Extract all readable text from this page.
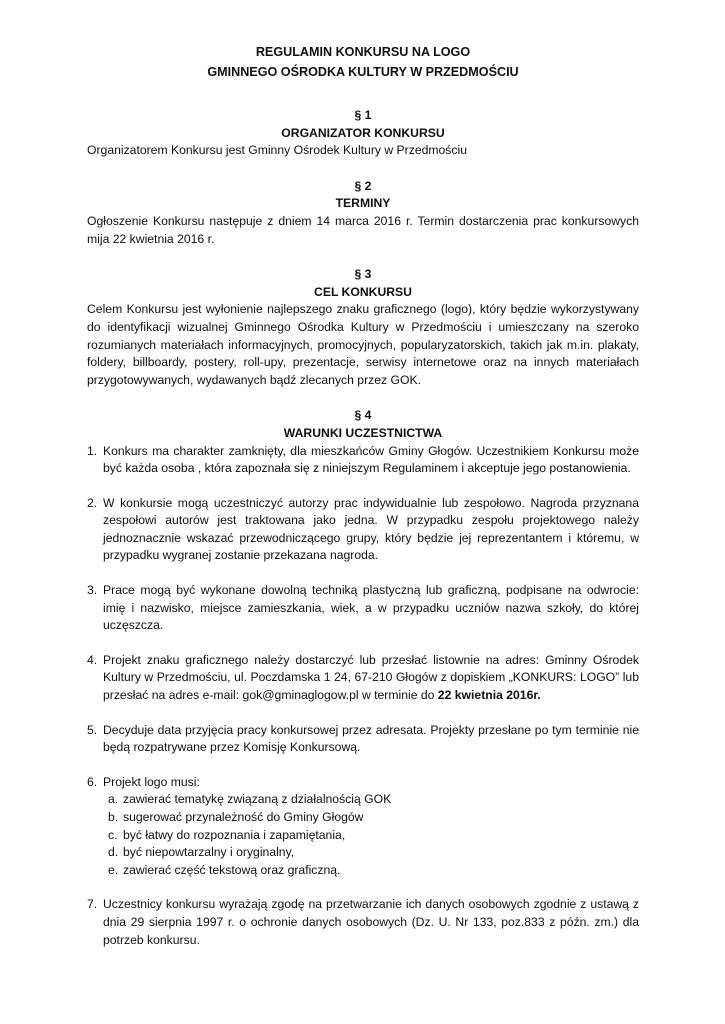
REGULAMIN KONKURSU NA LOGO

GMINNEGO OŚRODKA KULTURY W PRZEDMOŚCIU

§ 1

ORGANIZATOR KONKURSU

Organizatorem Konkursu jest Gminny Ośrodek Kultury w Przedmościu

§ 2

TERMINY

Ogłoszenie Konkursu następuje z dniem 14 marca 2016 r. Termin dostarczenia prac konkursowych mija 22 kwietnia 2016 r.

§ 3

CEL KONKURSU

Celem Konkursu jest wyłonienie najlepszego znaku graficznego (logo), który będzie wykorzystywany do identyfikacji wizualnej Gminnego Ośrodka Kultury w Przedmościu i umieszczany na szeroko rozumianych materiałach informacyjnych, promocyjnych, popularyzatorskich, takich jak m.in. plakaty, foldery, billboardy, postery, roll-upy, prezentacje, serwisy internetowe oraz na innych materiałach przygotowywanych, wydawanych bądź zlecanych przez GOK.

§ 4

WARUNKI UCZESTNICTWA

1. Konkurs ma charakter zamknięty, dla mieszkańców Gminy Głogów. Uczestnikiem Konkursu może być każda osoba , która zapoznała się z niniejszym Regulaminem i akceptuje jego postanowienia.
2. W konkursie mogą uczestniczyć autorzy prac indywidualnie lub zespołowo. Nagroda przyznana zespołowi autorów jest traktowana jako jedna. W przypadku zespołu projektowego należy jednoznacznie wskazać przewodniczącego grupy, który będzie jej reprezentantem i któremu, w przypadku wygranej zostanie przekazana nagroda.
3. Prace mogą być wykonane dowolną techniką plastyczną lub graficzną, podpisane na odwrocie: imię i nazwisko, miejsce zamieszkania, wiek, a w przypadku uczniów nazwa szkoły, do której uczęszcza.
4. Projekt znaku graficznego należy dostarczyć lub przesłać listownie na adres: Gminny Ośrodek Kultury w Przedmościu, ul. Poczdamska 1 24, 67-210 Głogów z dopiskiem „KONKURS: LOGO” lub przesłać na adres e-mail: gok@gminaglogow.pl w terminie do 22 kwietnia 2016r.
5. Decyduje data przyjęcia pracy konkursowej przez adresata. Projekty przesłane po tym terminie nie będą rozpatrywane przez Komisję Konkursową.
6. Projekt logo musi:
a. zawierać tematykę związaną z działalnością GOK
b. sugerować przynależność do Gminy Głogów
c. być łatwy do rozpoznania i zapamiętania,
d. być niepowtarzalny i oryginalny,
e. zawierać część tekstową oraz graficzną.
7. Uczestnicy konkursu wyrażają zgodę na przetwarzanie ich danych osobowych zgodnie z ustawą z dnia 29 sierpnia 1997 r. o ochronie danych osobowych (Dz. U. Nr 133, poz.833 z późn. zm.) dla potrzeb konkursu.
